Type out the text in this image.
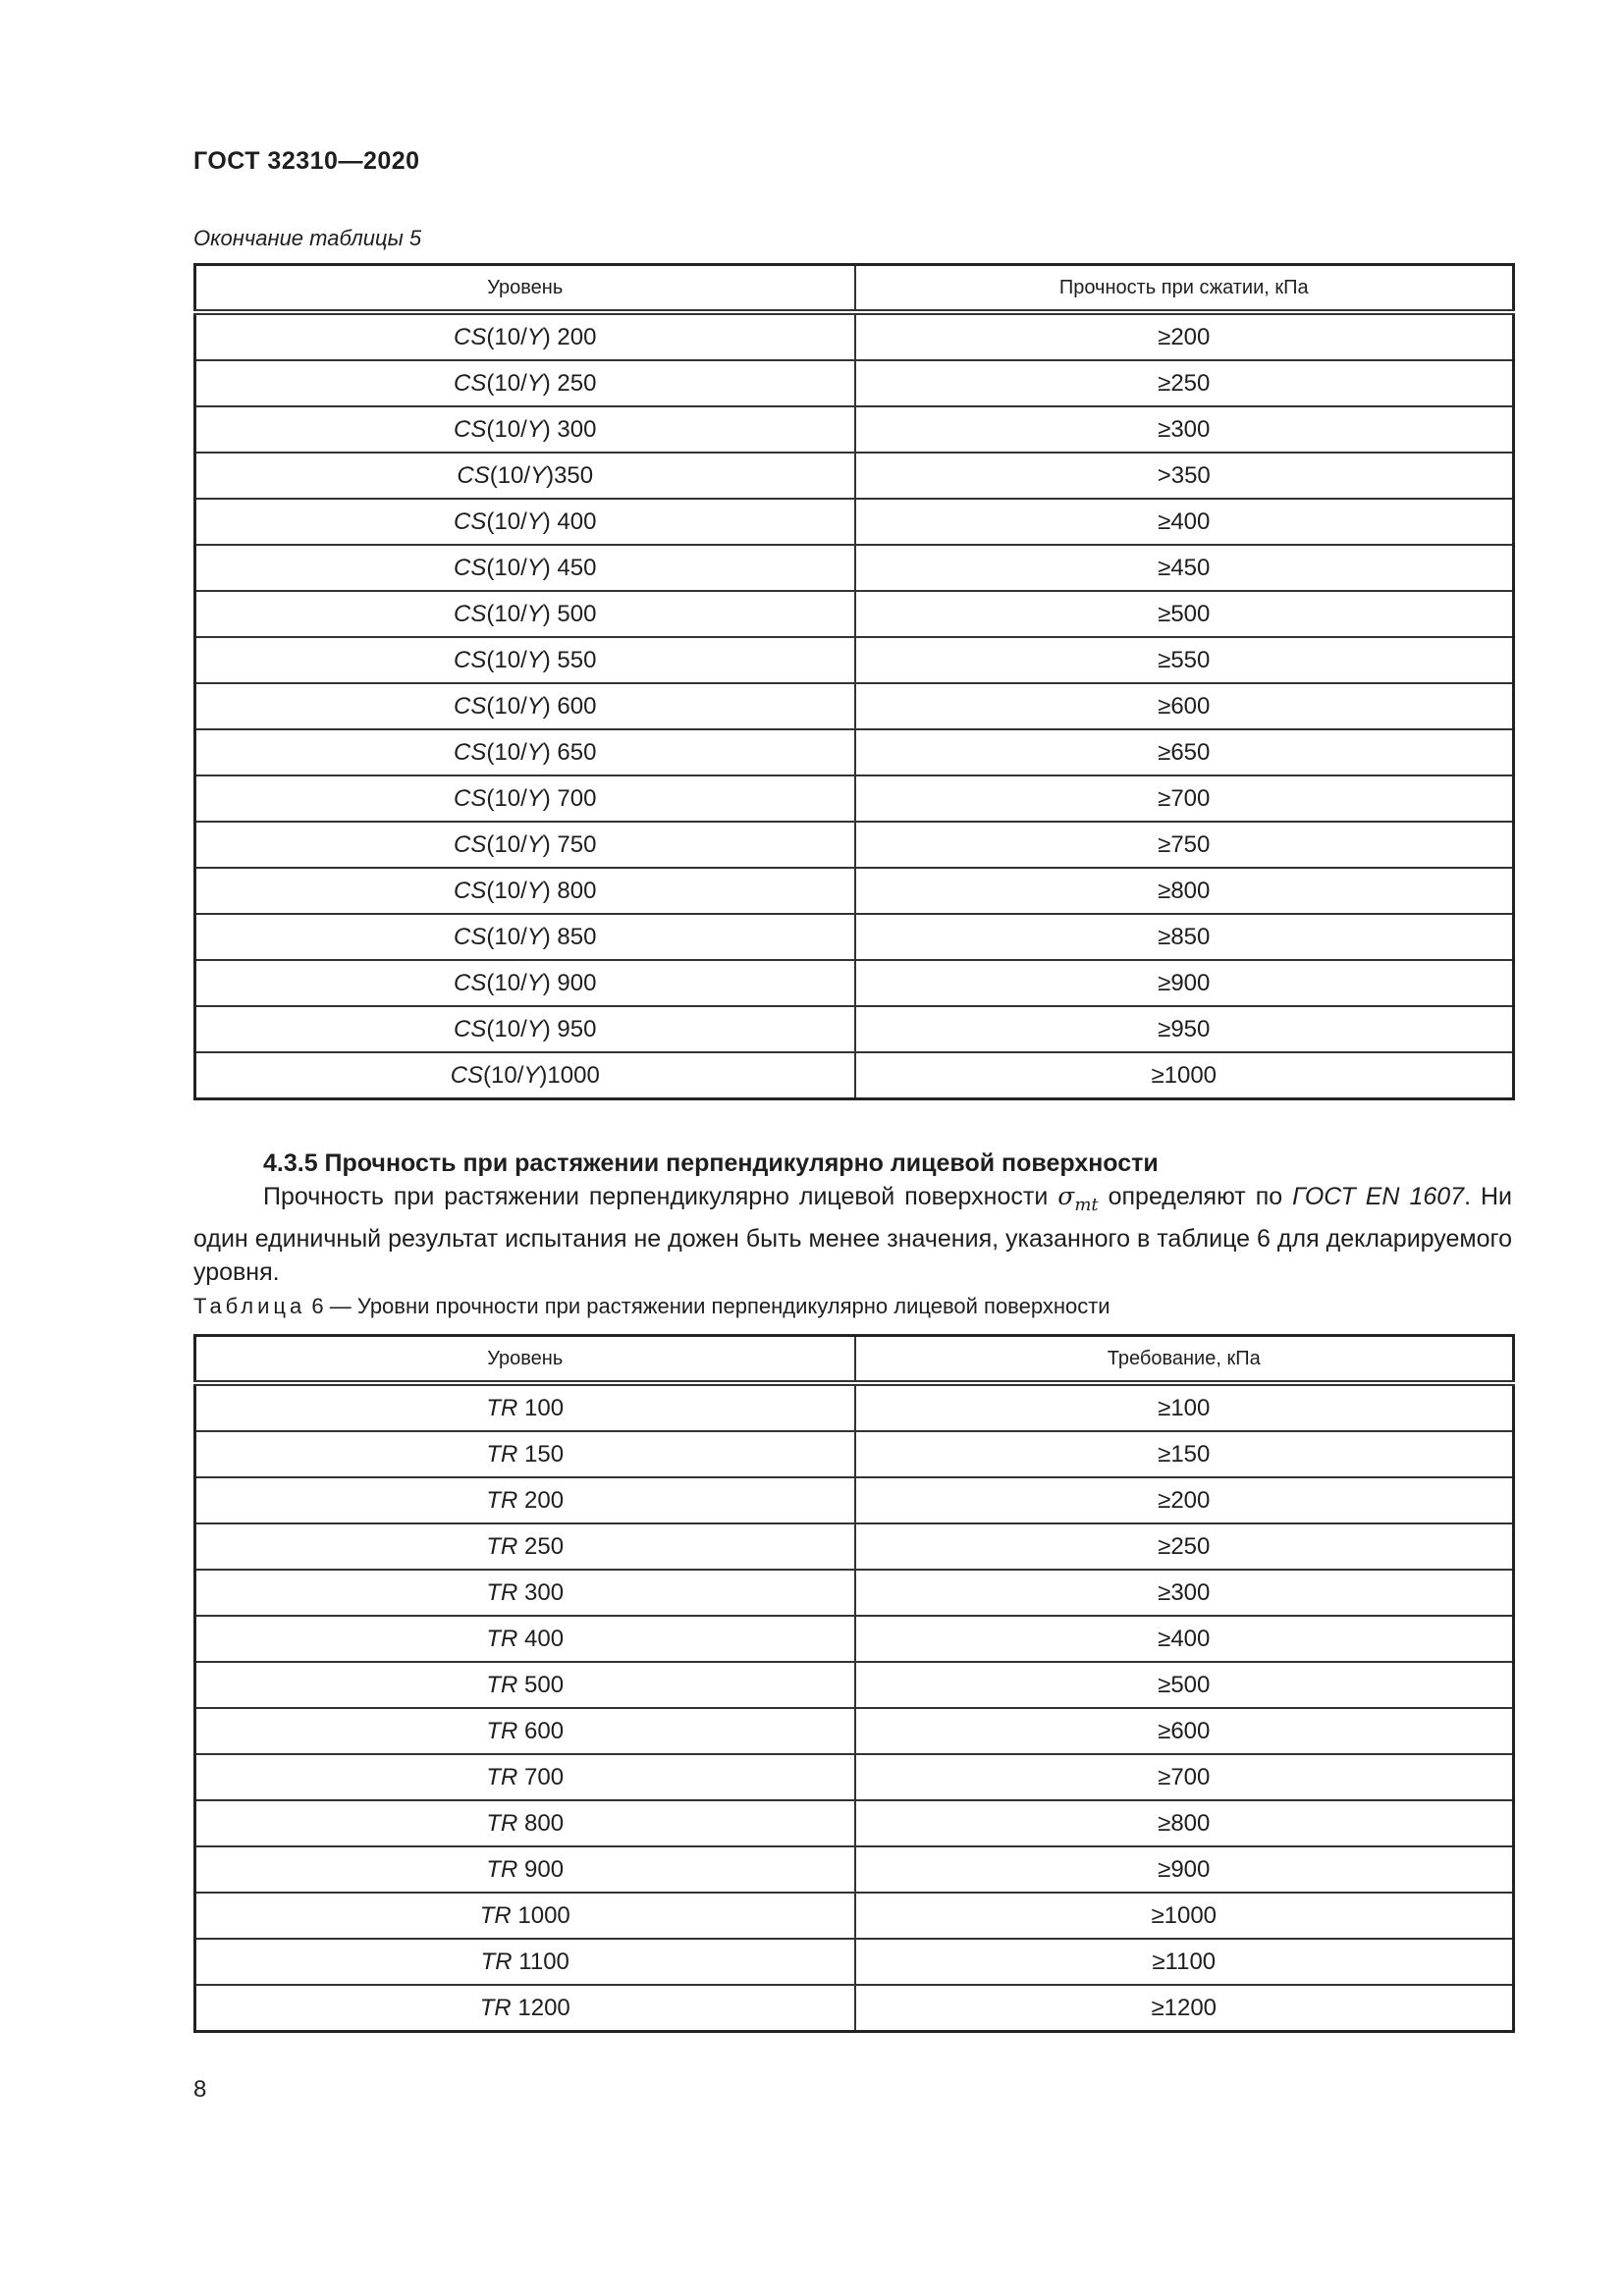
ГОСТ 32310—2020
Окончание таблицы 5
Уровень	Прочность при сжатии, кПа
CS(10/Y) 200	≥200
CS(10/Y) 250	≥250
CS(10/Y) 300	≥300
CS(10/Y)350	>350
CS(10/Y) 400	≥400
CS(10/Y) 450	≥450
CS(10/Y) 500	≥500
CS(10/Y) 550	≥550
CS(10/Y) 600	≥600
CS(10/Y) 650	≥650
CS(10/Y) 700	≥700
CS(10/Y) 750	≥750
CS(10/Y) 800	≥800
CS(10/Y) 850	≥850
CS(10/Y) 900	≥900
CS(10/Y) 950	≥950
CS(10/Y)1000	≥1000
4.3.5 Прочность при растяжении перпендикулярно лицевой поверхности
Прочность при растяжении перпендикулярно лицевой поверхности $\sigma_{mt}$ определяют по ГОСТ EN 1607. Ни один единичный результат испытания не дожен быть менее значения, указанного в таблице 6 для декларируемого уровня.
Таблица 6 — Уровни прочности при растяжении перпендикулярно лицевой поверхности
Уровень	Требование, кПа
TR 100	≥100
TR 150	≥150
TR 200	≥200
TR 250	≥250
TR 300	≥300
TR 400	≥400
TR 500	≥500
TR 600	≥600
TR 700	≥700
TR 800	≥800
TR 900	≥900
TR 1000	≥1000
TR 1100	≥1100
TR 1200	≥1200
8
